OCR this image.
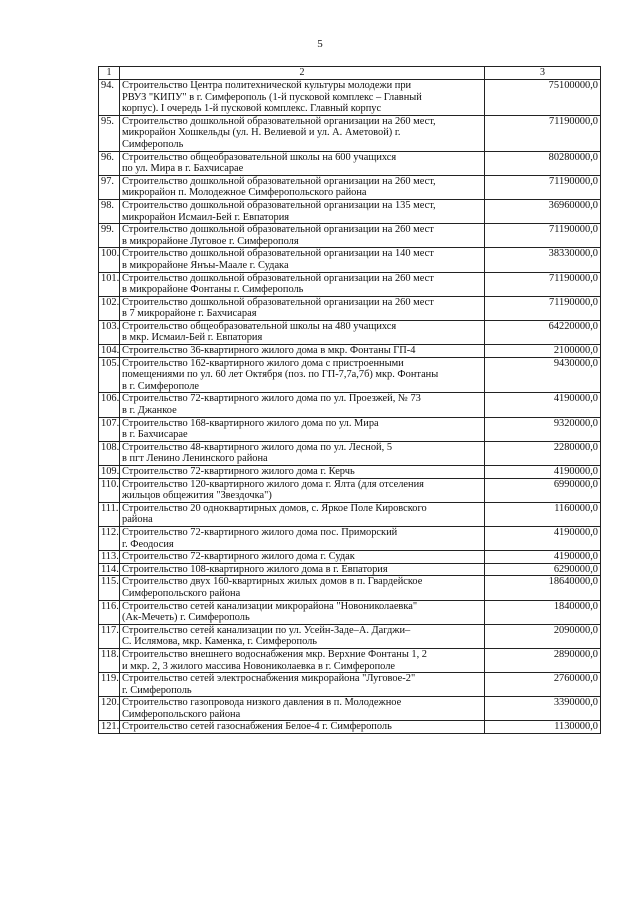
5
1	2	3
94.	Строительство Центра политехнической культуры молодежи при
РВУЗ "КИПУ" в г. Симферополь (1-й пусковой комплекс – Главный
корпус). I очередь 1-й пусковой комплекс. Главный корпус	75100000,0
95.	Строительство дошкольной образовательной организации на 260 мест,
микрорайон Хошкельды (ул. Н. Велиевой и ул. А. Аметовой) г.
Симферополь	71190000,0
96.	Строительство общеобразовательной школы на 600 учащихся
по ул. Мира в г. Бахчисарае	80280000,0
97.	Строительство дошкольной образовательной организации на 260 мест,
микрорайон п. Молодежное Симферопольского района	71190000,0
98.	Строительство дошкольной образовательной организации на 135 мест,
микрорайон Исмаил-Бей г. Евпатория	36960000,0
99.	Строительство дошкольной образовательной организации на 260 мест
в микрорайоне Луговое г. Симферополя	71190000,0
100.	Строительство дошкольной образовательной организации на 140 мест
в микрорайоне Янъы-Маале г. Судака	38330000,0
101.	Строительство дошкольной образовательной организации на 260 мест
в микрорайоне Фонтаны г. Симферополь	71190000,0
102.	Строительство дошкольной образовательной организации на 260 мест
в 7 микрорайоне г. Бахчисарая	71190000,0
103.	Строительство общеобразовательной школы на 480 учащихся
в мкр. Исмаил-Бей г. Евпатория	64220000,0
104.	Строительство 36-квартирного жилого дома в мкр. Фонтаны ГП-4	2100000,0
105.	Строительство 162-квартирного жилого дома с пристроенными
помещениями по ул. 60 лет Октября (поз. по ГП-7,7а,7б) мкр. Фонтаны
в г. Симферополе	9430000,0
106.	Строительство 72-квартирного жилого дома по ул. Проезжей, № 73
в г. Джанкое	4190000,0
107.	Строительство 168-квартирного жилого дома по ул. Мира
в г. Бахчисарае	9320000,0
108.	Строительство 48-квартирного жилого дома по ул. Лесной, 5
в пгт Ленино Ленинского района	2280000,0
109.	Строительство 72-квартирного жилого дома г. Керчь	4190000,0
110.	Строительство 120-квартирного жилого дома г. Ялта (для отселения
жильцов общежития "Звездочка")	6990000,0
111.	Строительство 20 одноквартирных домов, с. Яркое Поле Кировского
района	1160000,0
112.	Строительство 72-квартирного жилого дома пос. Приморский
г. Феодосия	4190000,0
113.	Строительство 72-квартирного жилого дома г. Судак	4190000,0
114.	Строительство 108-квартирного жилого дома в г. Евпатория	6290000,0
115.	Строительство двух 160-квартирных жилых домов в п. Гвардейское
Симферопольского района	18640000,0
116.	Строительство сетей канализации микрорайона "Новониколаевка"
(Ак-Мечеть) г. Симферополь	1840000,0
117.	Строительство сетей канализации по ул. Усейн-Заде–А. Дагджи–
С. Ислямова, мкр. Каменка, г. Симферополь	2090000,0
118.	Строительство внешнего водоснабжения мкр. Верхние Фонтаны 1, 2
и мкр. 2, 3 жилого массива Новониколаевка в г. Симферополе	2890000,0
119.	Строительство сетей электроснабжения микрорайона "Луговое-2"
г. Симферополь	2760000,0
120.	Строительство газопровода низкого давления в п. Молодежное
Симферопольского района	3390000,0
121.	Строительство сетей газоснабжения Белое-4 г. Симферополь	1130000,0
